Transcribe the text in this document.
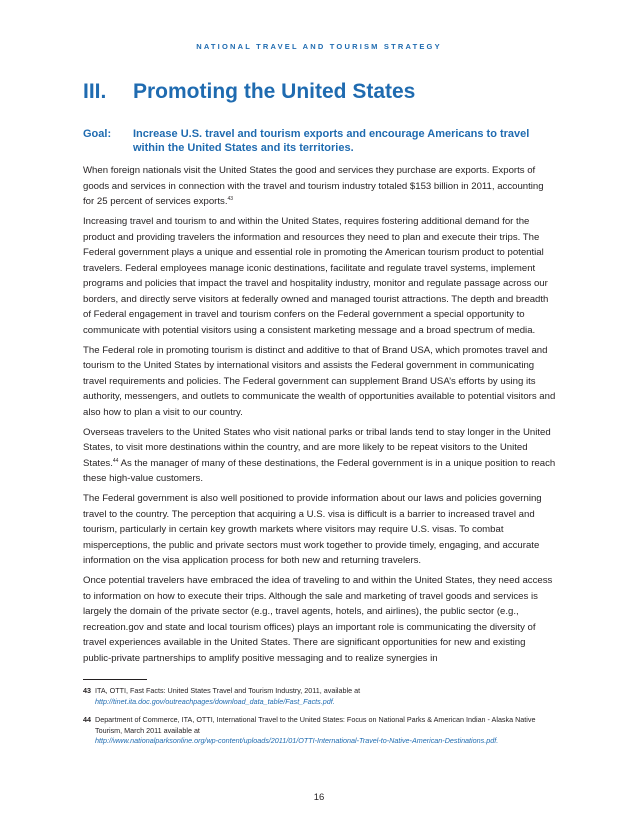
NATIONAL TRAVEL AND TOURISM STRATEGY
III.	Promoting the United States
Goal:	Increase U.S. travel and tourism exports and encourage Americans to travel within the United States and its territories.

When foreign nationals visit the United States the good and services they purchase are exports. Exports of goods and services in connection with the travel and tourism industry totaled $153 billion in 2011, accounting for 25 percent of services exports.$^{43}$

Increasing travel and tourism to and within the United States, requires fostering additional demand for the product and providing travelers the information and resources they need to plan and execute their trips. The Federal government plays a unique and essential role in promoting the American tourism product to potential travelers. Federal employees manage iconic destinations, facilitate and regulate travel systems, implement programs and policies that impact the travel and hospitality industry, monitor and regulate passage across our borders, and directly serve visitors at federally owned and managed tourist attractions. The depth and breadth of Federal engagement in travel and tourism confers on the Federal government a special opportunity to communicate with potential visitors using a consistent marketing message and a broad spectrum of media.

The Federal role in promoting tourism is distinct and additive to that of Brand USA, which promotes travel and tourism to the United States by international visitors and assists the Federal government in communicating travel requirements and policies. The Federal government can supplement Brand USA’s efforts by using its authority, messengers, and outlets to communicate the wealth of opportunities available to potential visitors and also how to plan a visit to our country.

Overseas travelers to the United States who visit national parks or tribal lands tend to stay longer in the United States, to visit more destinations within the country, and are more likely to be repeat visitors to the United States.$^{44}$ As the manager of many of these destinations, the Federal government is in a unique position to reach these high-value customers.

The Federal government is also well positioned to provide information about our laws and policies governing travel to the country. The perception that acquiring a U.S. visa is difficult is a barrier to increased travel and tourism, particularly in certain key growth markets where visitors may require U.S. visas. To combat misperceptions, the public and private sectors must work together to provide timely, engaging, and accurate information on the visa application process for both new and returning travelers.

Once potential travelers have embraced the idea of traveling to and within the United States, they need access to information on how to execute their trips. Although the sale and marketing of travel goods and services is largely the domain of the private sector (e.g., travel agents, hotels, and airlines), the public sector (e.g., recreation.gov and state and local tourism offices) plays an important role is communicating the diversity of travel experiences available in the United States. There are significant opportunities for new and existing public-private partnerships to amplify positive messaging and to realize synergies in

43 ITA, OTTI, Fast Facts: United States Travel and Tourism Industry, 2011, available at
http://tinet.ita.doc.gov/outreachpages/download_data_table/Fast_Facts.pdf.
44 Department of Commerce, ITA, OTTI, International Travel to the United States: Focus on National Parks & American Indian - Alaska Native Tourism, March 2011 available at
http://www.nationalparksonline.org/wp-content/uploads/2011/01/OTTI-International-Travel-to-Native-American-Destinations.pdf.
16
